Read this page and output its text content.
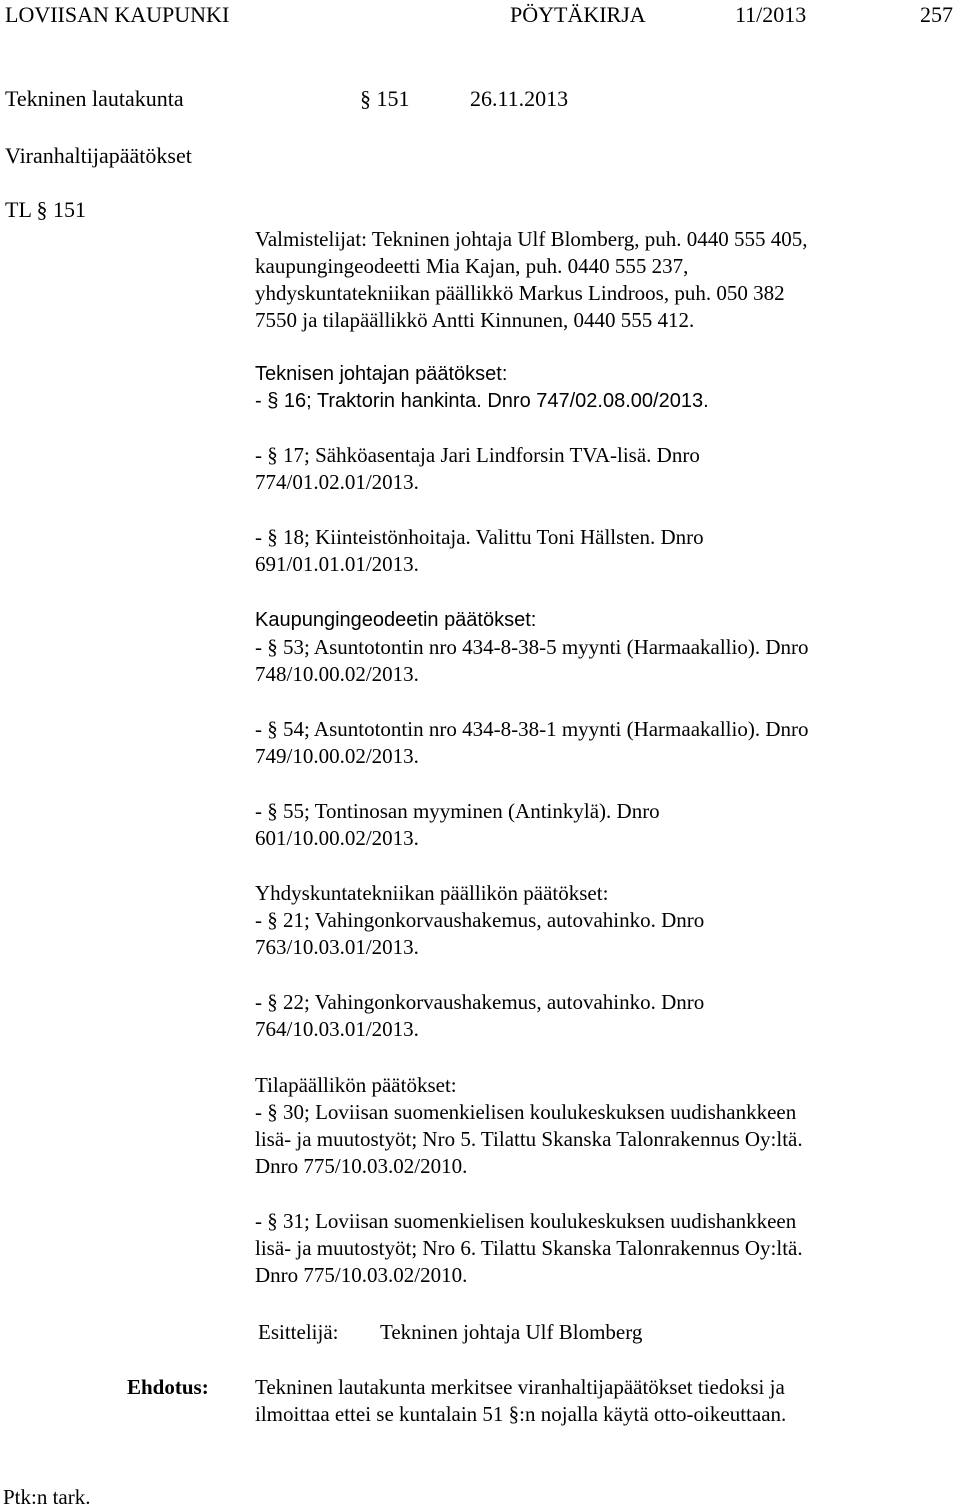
LOVIISAN KAUPUNKI	PÖYTÄKIRJA	11/2013	257
Tekninen lautakunta	§ 151	26.11.2013
Viranhaltijapäätökset
TL § 151
Valmistelijat: Tekninen johtaja Ulf Blomberg, puh. 0440 555 405,
kaupungingeodeetti Mia Kajan, puh. 0440 555 237,
yhdyskuntatekniikan päällikkö Markus Lindroos, puh. 050 382
7550 ja tilapäällikkö Antti Kinnunen, 0440 555 412.
Teknisen johtajan päätökset:
- § 16; Traktorin hankinta. Dnro 747/02.08.00/2013.
- § 17; Sähköasentaja Jari Lindforsin TVA-lisä. Dnro
774/01.02.01/2013.
- § 18; Kiinteistönhoitaja. Valittu Toni Hällsten. Dnro
691/01.01.01/2013.
Kaupungingeodeetin päätökset:
- § 53; Asuntotontin nro 434-8-38-5 myynti (Harmaakallio). Dnro
748/10.00.02/2013.
- § 54; Asuntotontin nro 434-8-38-1 myynti (Harmaakallio). Dnro
749/10.00.02/2013.
- § 55; Tontinosan myyminen (Antinkylä). Dnro
601/10.00.02/2013.
Yhdyskuntatekniikan päällikön päätökset:
- § 21; Vahingonkorvaushakemus, autovahinko. Dnro
763/10.03.01/2013.
- § 22; Vahingonkorvaushakemus, autovahinko. Dnro
764/10.03.01/2013.
Tilapäällikön päätökset:
- § 30; Loviisan suomenkielisen koulukeskuksen uudishankkeen
lisä- ja muutostyöt; Nro 5. Tilattu Skanska Talonrakennus Oy:ltä.
Dnro 775/10.03.02/2010.
- § 31; Loviisan suomenkielisen koulukeskuksen uudishankkeen
lisä- ja muutostyöt; Nro 6. Tilattu Skanska Talonrakennus Oy:ltä.
Dnro 775/10.03.02/2010.
Esittelijä: Tekninen johtaja Ulf Blomberg
Ehdotus: Tekninen lautakunta merkitsee viranhaltijapäätökset tiedoksi ja
ilmoittaa ettei se kuntalain 51 §:n nojalla käytä otto-oikeuttaan.
Ptk:n tark.
